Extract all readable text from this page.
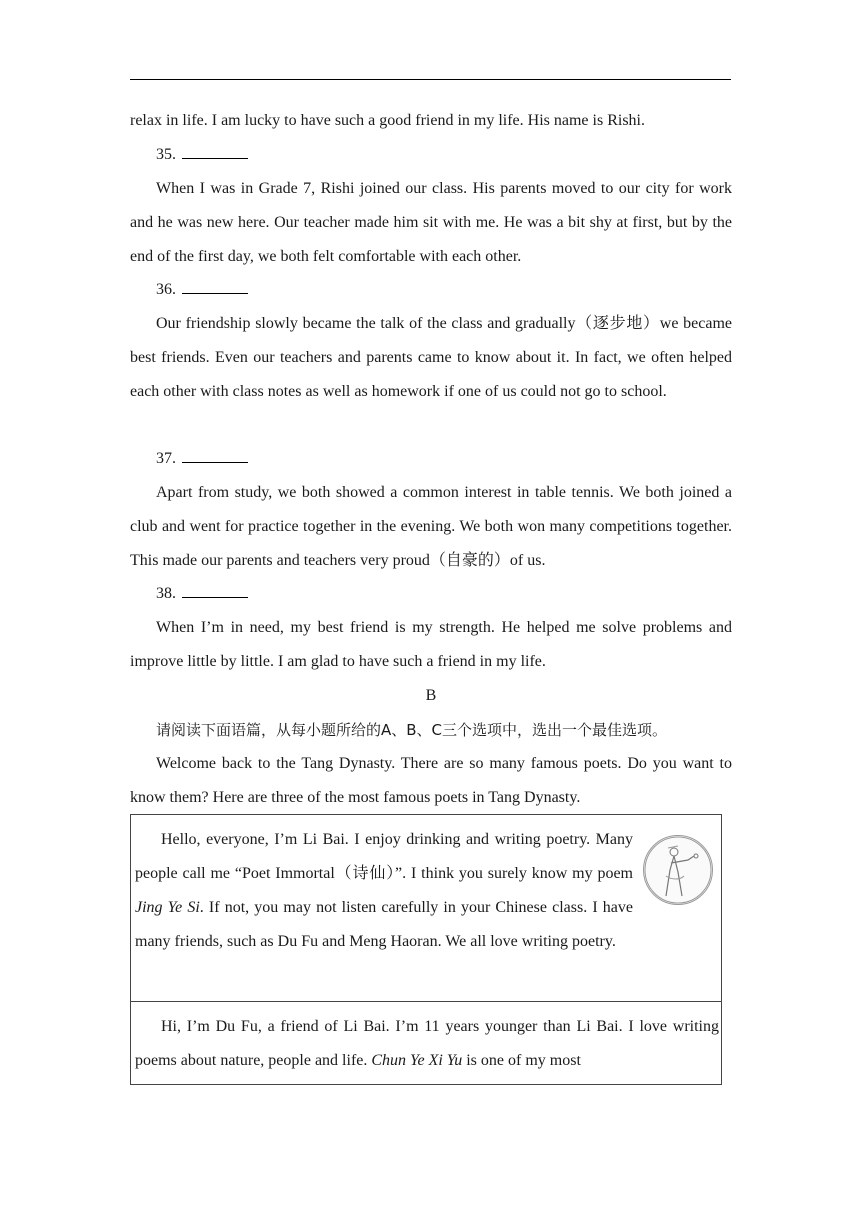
relax in life. I am lucky to have such a good friend in my life. His name is Rishi.

35.

When I was in Grade 7, Rishi joined our class. His parents moved to our city for work and he was new here. Our teacher made him sit with me. He was a bit shy at first, but by the end of the first day, we both felt comfortable with each other.

36.

Our friendship slowly became the talk of the class and gradually（逐步地）we became best friends. Even our teachers and parents came to know about it. In fact, we often helped each other with class notes as well as homework if one of us could not go to school.

37.

Apart from study, we both showed a common interest in table tennis. We both joined a club and went for practice together in the evening. We both won many competitions together. This made our parents and teachers very proud（自豪的）of us.

38.

When I’m in need, my best friend is my strength. He helped me solve problems and improve little by little. I am glad to have such a friend in my life.

B

请阅读下面语篇，从每小题所给的A、B、C三个选项中，选出一个最佳选项。

Welcome back to the Tang Dynasty. There are so many famous poets. Do you want to know them? Here are three of the most famous poets in Tang Dynasty.

Hello, everyone, I’m Li Bai. I enjoy drinking and writing poetry. Many people call me “Poet Immortal（诗仙）”. I think you surely know my poem Jing Ye Si. If not, you may not listen carefully in your Chinese class. I have many friends, such as Du Fu and Meng Haoran. We all love writing poetry.

Hi, I’m Du Fu, a friend of Li Bai. I’m 11 years younger than Li Bai. I love writing poems about nature, people and life. Chun Ye Xi Yu is one of my most
